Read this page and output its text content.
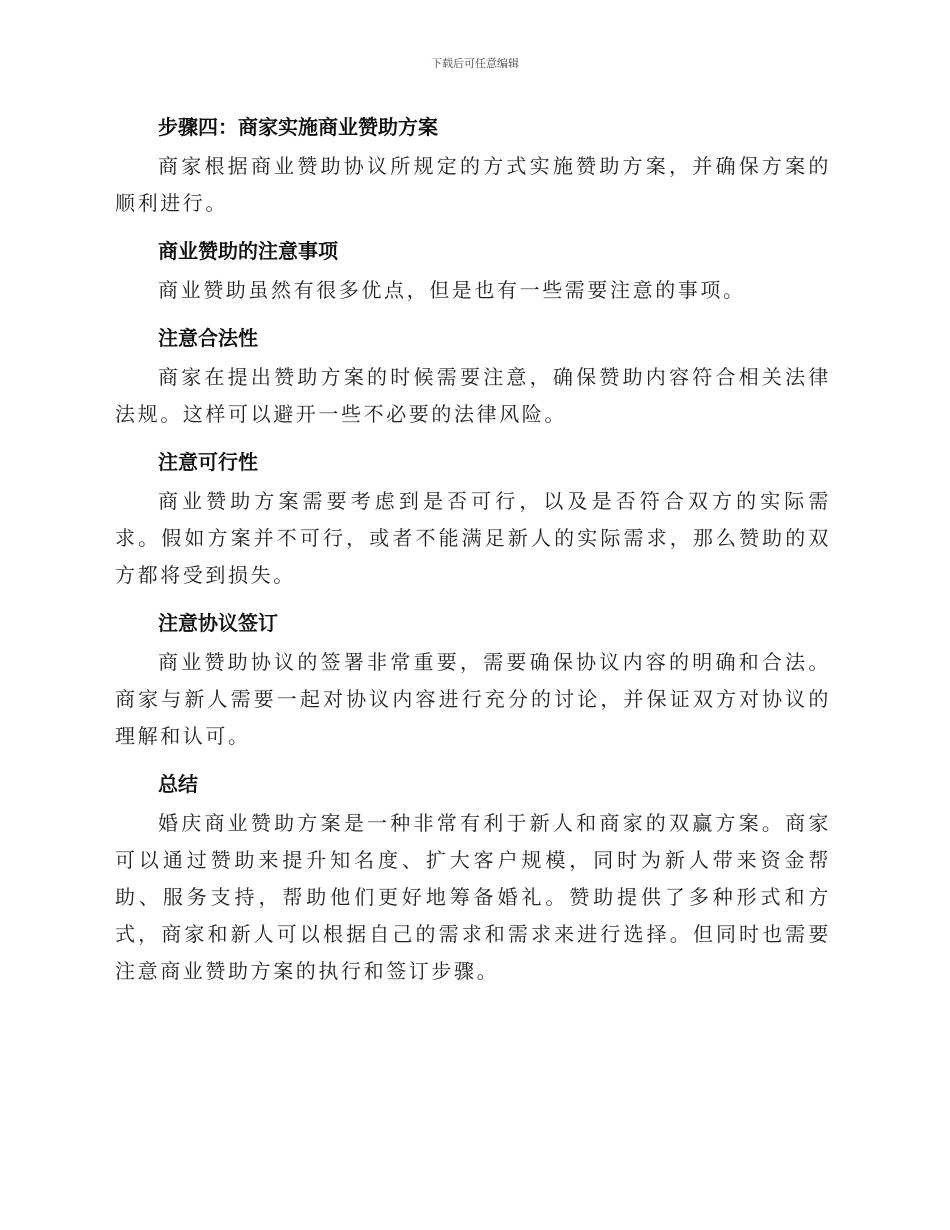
下载后可任意编辑
步骤四：商家实施商业赞助方案

商家根据商业赞助协议所规定的方式实施赞助方案，并确保方案的顺利进行。

商业赞助的注意事项

商业赞助虽然有很多优点，但是也有一些需要注意的事项。

注意合法性

商家在提出赞助方案的时候需要注意，确保赞助内容符合相关法律法规。这样可以避开一些不必要的法律风险。

注意可行性

商业赞助方案需要考虑到是否可行，以及是否符合双方的实际需求。假如方案并不可行，或者不能满足新人的实际需求，那么赞助的双方都将受到损失。

注意协议签订

商业赞助协议的签署非常重要，需要确保协议内容的明确和合法。商家与新人需要一起对协议内容进行充分的讨论，并保证双方对协议的理解和认可。

总结

婚庆商业赞助方案是一种非常有利于新人和商家的双赢方案。商家可以通过赞助来提升知名度、扩大客户规模，同时为新人带来资金帮助、服务支持，帮助他们更好地筹备婚礼。赞助提供了多种形式和方式，商家和新人可以根据自己的需求和需求来进行选择。但同时也需要注意商业赞助方案的执行和签订步骤。
